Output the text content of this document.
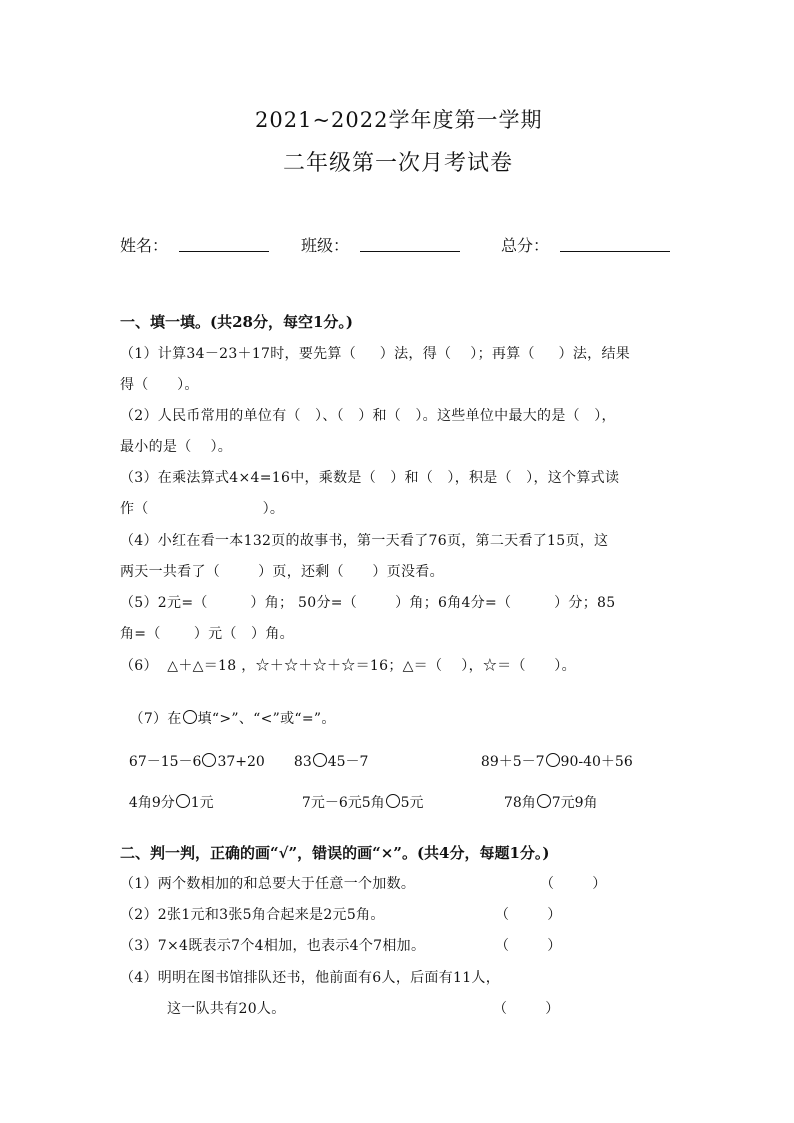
2021~2022学年度第一学期
二年级第一次月考试卷
姓名：	班级：	总分：
一、填一填。(共28分，每空1分。)
（1）计算34－23＋17时，要先算（     ）法，得（    ）；再算（     ）法，结果
得（      ）。
（2）人民币常用的单位有（   ）、（   ）和（   ）。这些单位中最大的是（   ），
最小的是（    ）。
（3）在乘法算式4×4=16中，乘数是（   ）和（   ），积是（   ），这个算式读
作（                        ）。
（4）小红在看一本132页的故事书，第一天看了76页，第二天看了15页，这
两天一共看了（        ）页，还剩（      ）页没看。
（5）2元=（         ）角； 50分=（        ）角；6角4分=（         ）分；85
角=（       ）元（   ）角。
（6）  △＋△＝18 ，☆＋☆＋☆＋☆＝16；△＝（    ），☆＝（      ）。

（7）在 填“>”、“<”或“=”。

67－15－6 37+20	83 45－7	89＋5－7 90-40＋56

4角9分 1元	7元－6元5角 5元	78角 7元9角

二、判一判，正确的画“√”，错误的画“×”。(共4分，每题1分。)
（1）两个数相加的和总要大于任意一个加数。	（        ）
（2）2张1元和3张5角合起来是2元5角。	（        ）
（3）7×4既表示7个4相加，也表示4个7相加。	（        ）
（4）明明在图书馆排队还书，他前面有6人，后面有11人，
这一队共有20人。	（        ）
